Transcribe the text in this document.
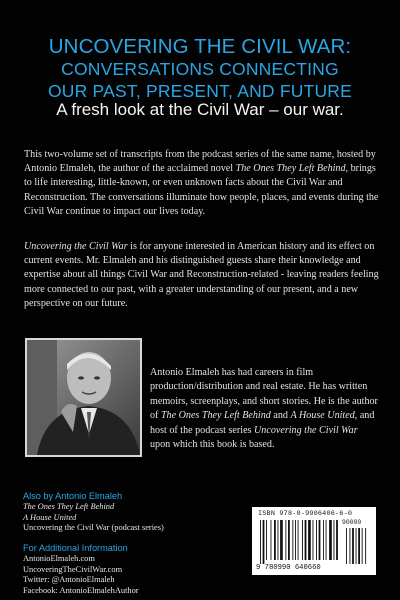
UNCOVERING THE CIVIL WAR:
CONVERSATIONS CONNECTING
OUR PAST, PRESENT, AND FUTURE
A fresh look at the Civil War – our war.
This two-volume set of transcripts from the podcast series of the same name, hosted by Antonio Elmaleh, the author of the acclaimed novel The Ones They Left Behind, brings to life interesting, little-known, or even unknown facts about the Civil War and Reconstruction. The conversations illuminate how people, places, and events during the Civil War continue to impact our lives today.
Uncovering the Civil War is for anyone interested in American history and its effect on current events. Mr. Elmaleh and his distinguished guests share their knowledge and expertise about all things Civil War and Reconstruction-related - leaving readers feeling more connected to our past, with a greater understanding of our present, and a new perspective on our future.
Antonio Elmaleh has had careers in film production/distribution and real estate. He has written memoirs, screenplays, and short stories. He is the author of The Ones They Left Behind and A House United, and host of the podcast series Uncovering the Civil War upon which this book is based.
Also by Antonio Elmaleh
The Ones They Left Behind
A House United
Uncovering the Civil War (podcast series)
For Additional Information
AntonioElmaleh.com
UncoveringTheCivilWar.com
Twitter: @AntonioElmaleh
Facebook: AntonioElmalehAuthor
ISBN 978-0-9906406-6-0
90000
9 780990 640660
